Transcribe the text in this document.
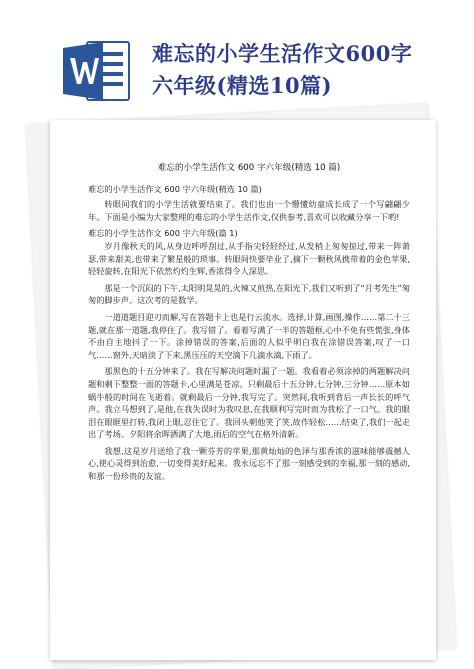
难忘的小学生活作文600字
六年级(精选10篇)
难忘的小学生活作文 600 字六年级(精选 10 篇)

难忘的小学生活作文 600 字六年级(精选 10 篇)

转眼间我们的小学生活就要结束了。我们也由一个懵懂幼童成长成了一个写翩翩少年。下面是小编为大家整理的难忘的小学生活作文,仅供参考,喜欢可以收藏分享一下哟!

难忘的小学生活作文 600 字六年级(篇 1)

岁月像秋天的风,从身边呼呼刮过,从手指尖轻轻经过,从发梢上匆匆掠过,带来一阵萧瑟,带来甜美,也带来了繁星般的琐事。转眼间快要毕业了,摘下一颗秋风携带着的金色苹果,轻轻旋转,在阳光下依然灼灼生辉,香浓得令人深思。

那是一个沉闷的下午,太阳明晃晃的,火辣又煎热,在阳光下,我们又听到了“月考先生”匆匆的脚步声。这次考的是数学。

一道道题目迎刃而解,写在答题卡上也是行云流水。选择,计算,画图,操作……第二十三题,就在那一道题,我停住了。我写错了。看着写满了一半的答题框,心中不免有些慌张,身体不由自主地抖了一下。涂掉错误的答案,后面的人似乎明白我在涂错误答案,叹了一口气……窗外,天暗淡了下来,黑压压的天空滴下几滴水滴,下雨了。

那黑色的十五分钟来了。我在写解决问题时漏了一题。我看着必须涂掉的两题解决问题和剩下整整一面的答题卡,心里满是苍凉。只剩最后十五分钟,七分钟,三分钟……原本如蜗牛般的时间在飞逝着。就剩最后一分钟,我写完了。突然间,我听到背后一声长长的呼气声。我立马想到了,是他,在我失误时为我叹息,在我顺利写完时而为我松了一口气。我的眼泪在眼眶里打转,我闭上眼,忍住它了。我回头朝他笑了笑,故作轻松……结束了,我们一起走出了考场。夕阳将余晖洒满了大地,雨后的空气在格外清新。

我想,这是岁月送给了我一颗芬芳的苹果,那黄灿灿的色泽与那香浓的滋味能够震撼人心,使心灵得到治愈,一切变得美好起来。我永远忘不了那一刻感受到的幸福,那一刻的感动,和那一份珍贵的友谊。
